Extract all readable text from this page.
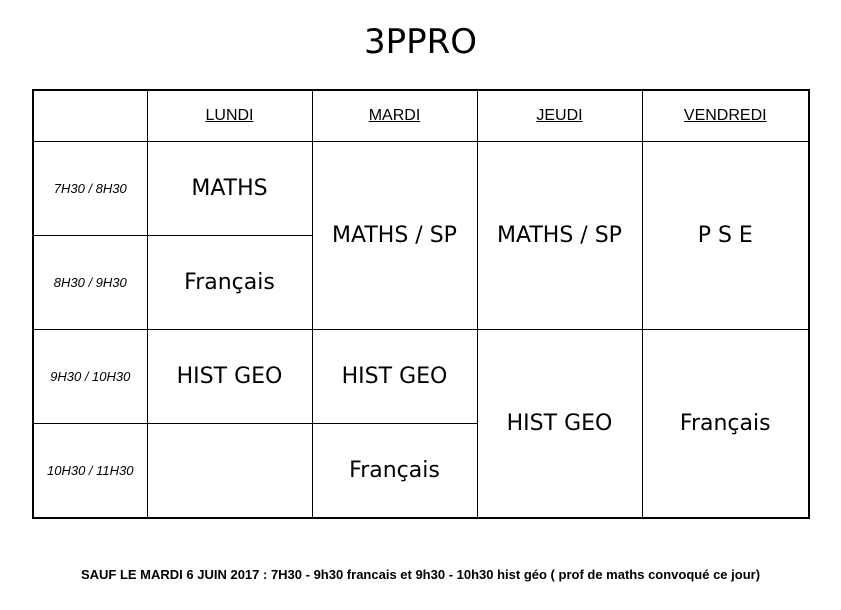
3PPRO
	LUNDI	MARDI	JEUDI	VENDREDI
7H30 / 8H30	MATHS	MATHS / SP	MATHS / SP	P S E
8H30 / 9H30	Français			
9H30 / 10H30	HIST GEO	HIST GEO	HIST GEO	Français
10H30 / 11H30		Français		
SAUF LE MARDI 6 JUIN 2017 : 7H30 - 9h30 francais et 9h30 - 10h30 hist géo ( prof de maths convoqué ce jour)
